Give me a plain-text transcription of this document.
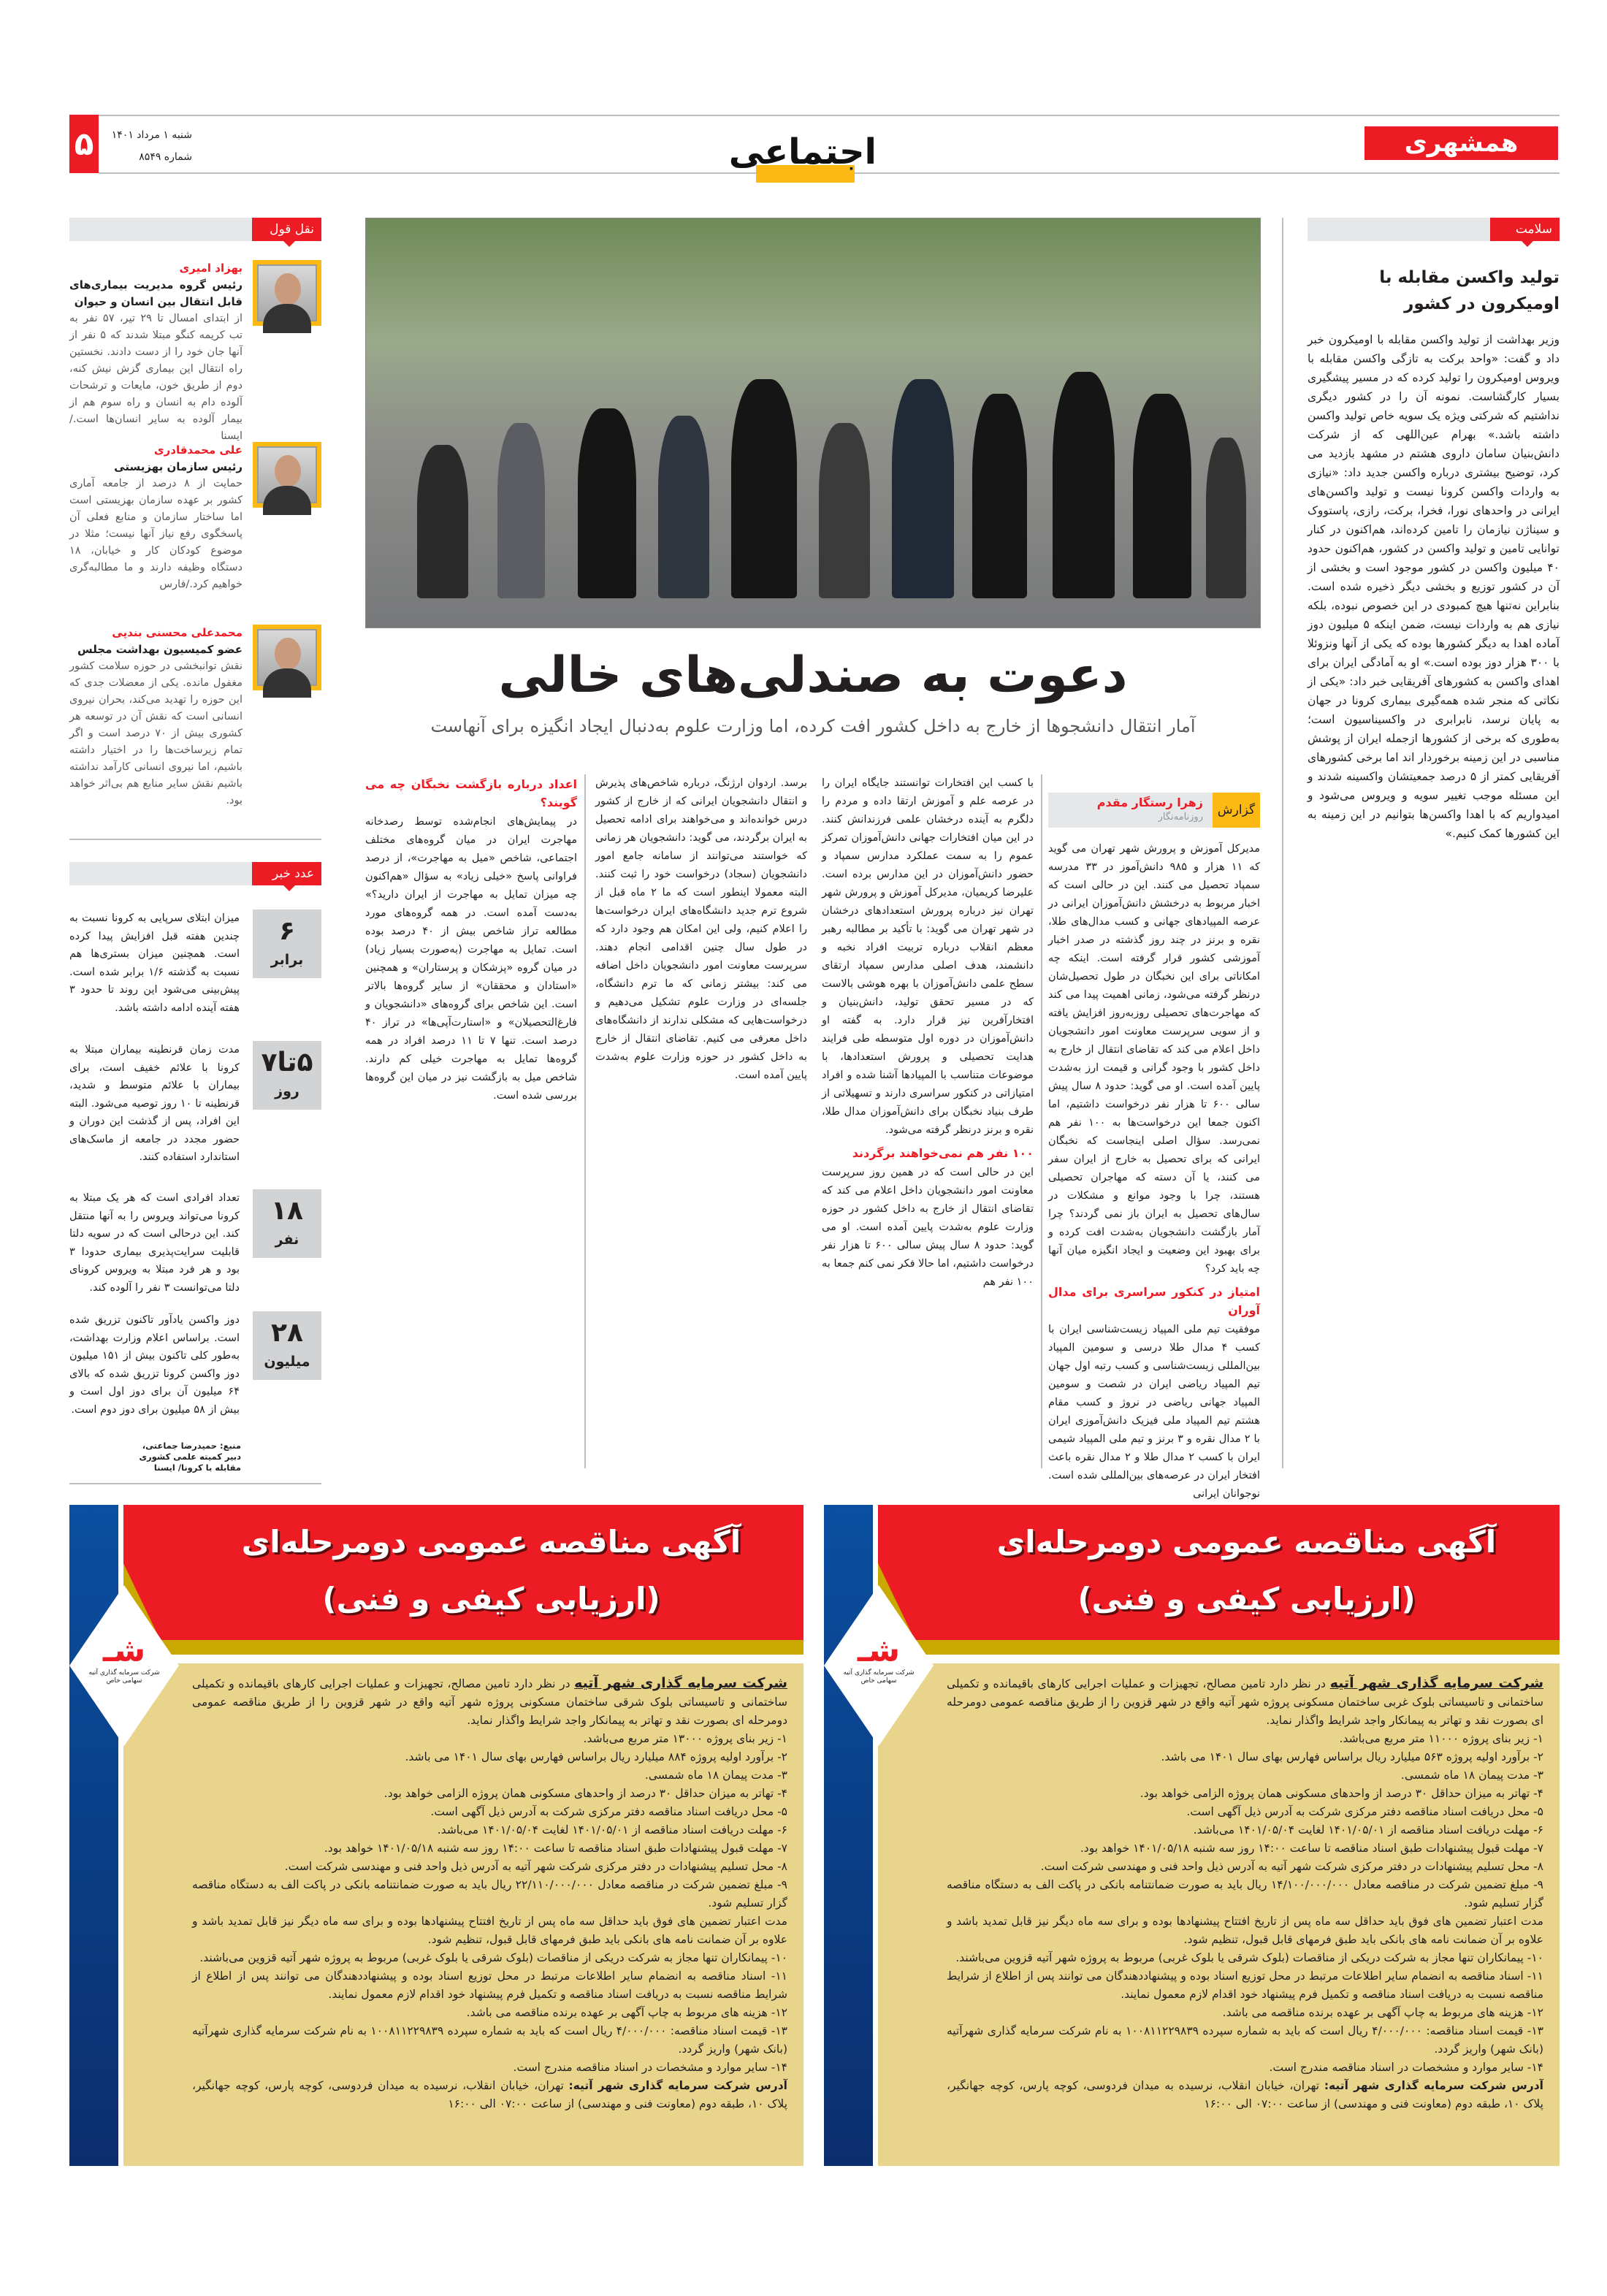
۵	شنبه ۱ مرداد ۱۴۰۱
شماره ۸۵۴۹	اجتماعی	همشهری
نقل قول
بهزاد امیری
رئیس گروه مدیریت بیماری‌های قابل انتقال بین انسان و حیوان
از ابتدای امسال تا ۲۹ تیر، ۵۷ نفر به تب کریمه کنگو مبتلا شدند که ۵ نفر از آنها جان خود را از دست دادند. نخستین راه انتقال این بیماری گزش نیش کنه، دوم از طریق خون، مایعات و ترشحات آلوده دام به انسان و راه سوم هم از بیمار آلوده به سایر انسان‌ها است./ایسنا
علی محمدقادری
رئیس سازمان بهزیستی
حمایت از ۸ درصد از جامعه آماری کشور بر عهده سازمان بهزیستی است اما ساختار سازمان و منابع فعلی آن پاسخگوی رفع نیاز آنها نیست؛ مثلا در موضوع کودکان کار و خیابان، ۱۸ دستگاه وظیفه دارند و ما مطالبه‌گری خواهیم کرد./فارس
محمدعلی محسنی بندپی
عضو کمیسیون بهداشت مجلس
نقش توانبخشی در حوزه سلامت کشور مغفول مانده. یکی از معضلات جدی که این حوزه را تهدید می‌کند، بحران نیروی انسانی است که نقش آن در توسعه هر کشوری بیش از ۷۰ درصد است و اگر تمام زیرساخت‌ها را در اختیار داشته باشیم، اما نیروی انسانی کارآمد نداشته باشیم نقش سایر منابع هم بی‌اثر خواهد بود.
عدد خبر
۶
برابر
میزان ابتلای سرپایی به کرونا نسبت به چندین هفته قبل افزایش پیدا کرده است. همچنین میزان بستری‌ها هم نسبت به گذشته ۱/۶ برابر شده است. پیش‌بینی می‌شود این روند تا حدود ۳ هفته آینده ادامه داشته باشد.
۵تا۷
روز
مدت زمان قرنطینه بیماران مبتلا به کرونا با علائم خفیف است، برای بیماران با علائم متوسط و شدید، قرنطینه تا ۱۰ روز توصیه می‌شود. البته این افراد، پس از گذشت این دوران و حضور مجدد در جامعه از ماسک‌های استاندارد استفاده کنند.
۱۸
نفر
تعداد افرادی است که هر یک مبتلا به کرونا می‌تواند ویروس را به آنها منتقل کند. این درحالی است که در سویه دلتا قابلیت سرایت‌پذیری بیماری حدودا ۳ بود و هر فرد مبتلا به ویروس کرونای دلتا می‌توانست ۳ نفر را آلوده کند.
۲۸
میلیون
دوز واکسن یادآور تاکنون تزریق شده است. براساس اعلام وزارت بهداشت، به‌طور کلی تاکنون بیش از ۱۵۱ میلیون دوز واکسن کرونا تزریق شده که بالای ۶۴ میلیون آن برای دوز اول است و بیش از ۵۸ میلیون برای دوز دوم است.
منبع: حمیدرضا جماعتی، دبیر کمیته علمی کشوری مقابله با کرونا/ ایسنا
دعوت به صندلی‌های خالی
آمار انتقال دانشجوها از خارج به داخل کشور افت کرده، اما وزارت علوم به‌دنبال ایجاد انگیزه برای آنهاست
گزارش
زهرا رستگار مقدم
روزنامه‌نگار

مدیرکل آموزش و پرورش شهر تهران می گوید که ۱۱ هزار و ۹۸۵ دانش‌آموز در ۳۳ مدرسه سمپاد تحصیل می کنند. این در حالی است که اخبار مربوط به درخشش دانش‌آموزان ایرانی در عرصه المپیادهای جهانی و کسب مدال‌های طلا، نقره و برنز در چند روز گذشته در صدر اخبار آموزشی کشور قرار گرفته است. اینکه چه امکاناتی برای این نخبگان در طول تحصیل‌شان درنظر گرفته می‌شود، زمانی اهمیت پیدا می کند که مهاجرت‌های تحصیلی روزبه‌روز افزایش یافته و از سویی سرپرست معاونت امور دانشجویان داخل اعلام می کند که تقاضای انتقال از خارج به داخل کشور با وجود گرانی و قیمت ارز به‌شدت پایین آمده است. او می گوید: حدود ۸ سال پیش سالی ۶۰۰ تا هزار نفر درخواست داشتیم، اما اکنون جمعا این درخواست‌ها به ۱۰۰ نفر هم نمی‌رسد. سؤال اصلی اینجاست که نخبگان ایرانی که برای تحصیل به خارج از ایران سفر می کنند، یا آن دسته که مهاجران تحصیلی هستند، چرا با وجود موانع و مشکلات در سال‌های تحصیل به ایران باز نمی گردند؟ چرا آمار بازگشت دانشجویان به‌شدت افت کرده و برای بهبود این وضعیت و ایجاد انگیزه میان آنها چه باید کرد؟

امتیاز در کنکور سراسری برای مدال آوران

موفقیت تیم ملی المپیاد زیست‌شناسی ایران با کسب ۴ مدال طلا درسی و سومین المپیاد بین‌المللی زیست‌شناسی و کسب رتبه اول جهان تیم المپیاد ریاضی ایران در شصت و سومین المپیاد جهانی ریاضی در نروژ و کسب مقام هشتم تیم المپیاد ملی فیزیک دانش‌آموزی ایران با ۲ مدال نقره و ۳ برنز و تیم ملی المپیاد شیمی ایران با کسب ۲ مدال طلا و ۲ مدال نقره باعث افتخار ایران در عرصه‌های بین‌المللی شده است. نوجوانان ایرانی

با کسب این افتخارات توانستند جایگاه ایران را در عرصه علم و آموزش ارتقا داده و مردم را دلگرم به آینده درخشان علمی فرزندانش کنند. در این میان افتخارات جهانی دانش‌آموزان تمرکز عموم را به سمت عملکرد مدارس سمپاد و حضور دانش‌آموزان در این مدارس برده است. علیرضا کریمیان، مدیرکل آموزش و پرورش شهر تهران نیز درباره پرورش استعدادهای درخشان در شهر تهران می گوید: با تأکید بر مطالبه رهبر معظم انقلاب درباره تربیت افراد نخبه و دانشمند، هدف اصلی مدارس سمپاد ارتقای سطح علمی دانش‌آموزان با بهره هوشی بالاست که در مسیر تحقق تولید، دانش‌بنیان و افتخارآفرین نیز قرار دارد. به گفته او دانش‌آموزان در دوره اول متوسطه طی فرایند هدایت تحصیلی و پرورش استعدادها، با موضوعات متناسب با المپیادها آشنا شده و افراد امتیازاتی در کنکور سراسری دارند و تسهیلاتی از طرف بنیاد نخبگان برای دانش‌آموزان مدال طلا، نقره و برنز درنظر گرفته می‌شود.

۱۰۰ نفر هم نمی‌خواهند برگردند

این در حالی است که در همین روز سرپرست معاونت امور دانشجویان داخل اعلام می کند که تقاضای انتقال از خارج به داخل کشور در حوزه وزارت علوم به‌شدت پایین آمده است. او می گوید: حدود ۸ سال پیش سالی ۶۰۰ تا هزار نفر درخواست داشتیم، اما حالا فکر نمی کنم جمعا به ۱۰۰ نفر هم

برسد. اردوان ارژنگ، درباره شاخص‌های پذیرش و انتقال دانشجویان ایرانی که از خارج از کشور درس خوانده‌اند و می‌خواهند برای ادامه تحصیل به ایران برگردند، می گوید: دانشجویان هر زمانی که خواستند می‌توانند از سامانه جامع امور دانشجویان (سجاد) درخواست خود را ثبت کنند. البته معمولا اینطور است که ما ۲ ماه قبل از شروع ترم جدید دانشگاه‌های ایران درخواست‌ها را اعلام کنیم، ولی این امکان هم وجود دارد که در طول سال چنین اقدامی انجام دهند. سرپرست معاونت امور دانشجویان داخل اضافه می کند: بیشتر زمانی که ما ترم دانشگاه، جلسه‌ای در وزارت علوم تشکیل می‌دهیم و درخواست‌هایی که مشکلی ندارند از دانشگاه‌های داخل معرفی می کنیم. تقاضای انتقال از خارج به داخل کشور در حوزه وزارت علوم به‌شدت پایین آمده است.

اعداد درباره بازگشت نخبگان چه می گویند؟

در پیمایش‌های انجام‌شده توسط رصدخانه مهاجرت ایران در میان گروه‌های مختلف اجتماعی، شاخص «میل به مهاجرت»، از درصد فراوانی پاسخ «خیلی زیاد» به سؤال «هم‌اکنون چه میزان تمایل به مهاجرت از ایران دارید؟» به‌دست آمده است. در همه گروه‌های مورد مطالعه تراز شاخص بیش از ۴۰ درصد بوده است. تمایل به مهاجرت (به‌صورت بسیار زیاد) در میان گروه «پزشکان و پرستاران» و همچنین «استادان و محققان» از سایر گروه‌ها بالاتر است. این شاخص برای گروه‌های «دانشجویان و فارغ‌التحصیلان» و «استارت‌آپی‌ها» در تراز ۴۰ درصد است. تنها ۷ تا ۱۱ درصد افراد در همه گروه‌ها تمایل به مهاجرت خیلی کم دارند. شاخص میل به بازگشت نیز در میان این گروه‌ها بررسی شده است.

سلامت
تولید واکسن مقابله با اومیکرون در کشور
وزیر بهداشت از تولید واکسن مقابله با اومیکرون خبر داد و گفت: «واحد برکت به تازگی واکسن مقابله با ویروس اومیکرون را تولید کرده که در مسیر پیشگیری بسیار کارگشاست. نمونه آن را در کشور دیگری نداشتیم که شرکتی ویژه یک سویه خاص تولید واکسن داشته باشد.» بهرام عین‌اللهی که از شرکت دانش‌بنیان سامان داروی هشتم در مشهد بازدید می کرد، توضیح بیشتری درباره واکسن جدید داد: «نیازی به واردات واکسن کرونا نیست و تولید واکسن‌های ایرانی در واحدهای نورا، فخرا، برکت، رازی، پاستووک و سیناژن نیازمان را تامین کرده‌اند، هم‌اکنون در کنار توانایی تامین و تولید واکسن در کشور، هم‌اکنون حدود ۴۰ میلیون واکسن در کشور موجود است و بخشی از آن در کشور توزیع و بخشی دیگر ذخیره شده است. بنابراین نه‌تنها هیچ کمبودی در این خصوص نبوده، بلکه نیازی هم به واردات نیست، ضمن اینکه ۵ میلیون دوز آماده اهدا به دیگر کشورها بوده که یکی از آنها ونزوئلا با ۳۰۰ هزار دوز بوده است.» او به آمادگی ایران برای اهدای واکسن به کشورهای آفریقایی خبر داد: «یکی از نکاتی که منجر شده همه‌گیری بیماری کرونا در جهان به پایان نرسد، نابرابری در واکسیناسیون است؛ به‌طوری که برخی از کشورها ازجمله ایران از پوشش مناسبی در این زمینه برخوردار اند اما برخی کشورهای آفریقایی کمتر از ۵ درصد جمعیتشان واکسینه شدند و این مسئله موجب تغییر سویه و ویروس می‌شود و امیدواریم که با اهدا واکسن‌ها بتوانیم در این زمینه به این کشورها کمک کنیم.»
شـ
شرکت سرمایه گذاری آتیه سهامی خاص
آگهی مناقصه عمومی دومرحله‌ای
(ارزیابی کیفی و فنی)
شرکت سرمایه گذاری شهر آتیه در نظر دارد تامین مصالح، تجهیزات و عملیات اجرایی کارهای باقیمانده و تکمیلی ساختمانی و تاسیساتی بلوک شرقی ساختمان مسکونی پروژه شهر آتیه واقع در شهر قزوین را از طریق مناقصه عمومی دومرحله ای بصورت نقد و تهاتر به پیمانکار واجد شرایط واگذار نماید.
۱- زیر بنای پروژه ۱۳۰۰۰ متر مربع می‌باشد.
۲- برآورد اولیه پروژه ۸۸۴ میلیارد ریال براساس فهارس بهای سال ۱۴۰۱ می باشد.
۳- مدت پیمان ۱۸ ماه شمسی.
۴- تهاتر به میزان حداقل ۳۰ درصد از واحدهای مسکونی همان پروژه الزامی خواهد بود.
۵- محل دریافت اسناد مناقصه دفتر مرکزی شرکت به آدرس ذیل آگهی است.
۶- مهلت دریافت اسناد مناقصه از ۱۴۰۱/۰۵/۰۱ لغایت ۱۴۰۱/۰۵/۰۴ می‌باشد.
۷- مهلت قبول پیشنهادات طبق اسناد مناقصه تا ساعت ۱۴:۰۰ روز سه شنبه ۱۴۰۱/۰۵/۱۸ خواهد بود.
۸- محل تسلیم پیشنهادات در دفتر مرکزی شرکت شهر آتیه به آدرس ذیل واحد فنی و مهندسی شرکت است.
۹- مبلغ تضمین شرکت در مناقصه معادل ۲۲/۱۱۰/۰۰۰/۰۰۰ ریال باید به صورت ضمانتنامه بانکی در پاکت الف به دستگاه مناقصه گزار تسلیم شود.
مدت اعتبار تضمین های فوق باید حداقل سه ماه پس از تاریخ افتتاح پیشنهادها بوده و برای سه ماه دیگر نیز قابل تمدید باشد و علاوه بر آن ضمانت نامه های بانکی باید طبق فرمهای قابل قبول، تنظیم شود.
۱۰- پیمانکاران تنها مجاز به شرکت دریکی از مناقصات (بلوک شرقی یا بلوک غربی) مربوط به پروژه شهر آتیه قزوین می‌باشند.
۱۱- اسناد مناقصه به انضمام سایر اطلاعات مرتبط در محل توزیع اسناد بوده و پیشنهاددهندگان می توانند پس از اطلاع از شرایط مناقصه نسبت به دریافت اسناد مناقصه و تکمیل فرم پیشنهاد خود اقدام لازم معمول نمایند.
۱۲- هزینه های مربوط به چاپ آگهی بر عهده برنده مناقصه می باشد.
۱۳- قیمت اسناد مناقصه: ۴/۰۰۰/۰۰۰ ریال است که باید به شماره سپرده ۱۰۰۸۱۱۲۲۹۸۳۹ به نام شرکت سرمایه گذاری شهرآتیه (بانک شهر) واریز گردد.
۱۴- سایر موارد و مشخصات در اسناد مناقصه مندرج است.
آدرس شرکت سرمایه گذاری شهر آتیه: تهران، خیابان انقلاب، نرسیده به میدان فردوسی، کوچه پارس، کوچه جهانگیر، پلاک ۱۰، طبقه دوم (معاونت فنی و مهندسی) از ساعت ۰۷:۰۰ الی ۱۶:۰۰
شـ
شرکت سرمایه گذاری آتیه سهامی خاص
آگهی مناقصه عمومی دومرحله‌ای
(ارزیابی کیفی و فنی)
شرکت سرمایه گذاری شهر آتیه در نظر دارد تامین مصالح، تجهیزات و عملیات اجرایی کارهای باقیمانده و تکمیلی ساختمانی و تاسیساتی بلوک غربی ساختمان مسکونی پروژه شهر آتیه واقع در شهر قزوین را از طریق مناقصه عمومی دومرحله ای بصورت نقد و تهاتر به پیمانکار واجد شرایط واگذار نماید.
۱- زیر بنای پروژه ۱۱۰۰۰ متر مربع می‌باشد.
۲- برآورد اولیه پروژه ۵۶۳ میلیارد ریال براساس فهارس بهای سال ۱۴۰۱ می باشد.
۳- مدت پیمان ۱۸ ماه شمسی.
۴- تهاتر به میزان حداقل ۳۰ درصد از واحدهای مسکونی همان پروژه الزامی خواهد بود.
۵- محل دریافت اسناد مناقصه دفتر مرکزی شرکت به آدرس ذیل آگهی است.
۶- مهلت دریافت اسناد مناقصه از ۱۴۰۱/۰۵/۰۱ لغایت ۱۴۰۱/۰۵/۰۴ می‌باشد.
۷- مهلت قبول پیشنهادات طبق اسناد مناقصه تا ساعت ۱۴:۰۰ روز سه شنبه ۱۴۰۱/۰۵/۱۸ خواهد بود.
۸- محل تسلیم پیشنهادات در دفتر مرکزی شرکت شهر آتیه به آدرس ذیل واحد فنی و مهندسی شرکت است.
۹- مبلغ تضمین شرکت در مناقصه معادل ۱۴/۱۰۰/۰۰۰/۰۰۰ ریال باید به صورت ضمانتنامه بانکی در پاکت الف به دستگاه مناقصه گزار تسلیم شود.
مدت اعتبار تضمین های فوق باید حداقل سه ماه پس از تاریخ افتتاح پیشنهادها بوده و برای سه ماه دیگر نیز قابل تمدید باشد و علاوه بر آن ضمانت نامه های بانکی باید طبق فرمهای قابل قبول، تنظیم شود.
۱۰- پیمانکاران تنها مجاز به شرکت دریکی از مناقصات (بلوک شرقی یا بلوک غربی) مربوط به پروژه شهر آتیه قزوین می‌باشند.
۱۱- اسناد مناقصه به انضمام سایر اطلاعات مرتبط در محل توزیع اسناد بوده و پیشنهاددهندگان می توانند پس از اطلاع از شرایط مناقصه نسبت به دریافت اسناد مناقصه و تکمیل فرم پیشنهاد خود اقدام لازم معمول نمایند.
۱۲- هزینه های مربوط به چاپ آگهی بر عهده برنده مناقصه می باشد.
۱۳- قیمت اسناد مناقصه: ۴/۰۰۰/۰۰۰ ریال است که باید به شماره سپرده ۱۰۰۸۱۱۲۲۹۸۳۹ به نام شرکت سرمایه گذاری شهرآتیه (بانک شهر) واریز گردد.
۱۴- سایر موارد و مشخصات در اسناد مناقصه مندرج است.
آدرس شرکت سرمایه گذاری شهر آتیه: تهران، خیابان انقلاب، نرسیده به میدان فردوسی، کوچه پارس، کوچه جهانگیر، پلاک ۱۰، طبقه دوم (معاونت فنی و مهندسی) از ساعت ۰۷:۰۰ الی ۱۶:۰۰
